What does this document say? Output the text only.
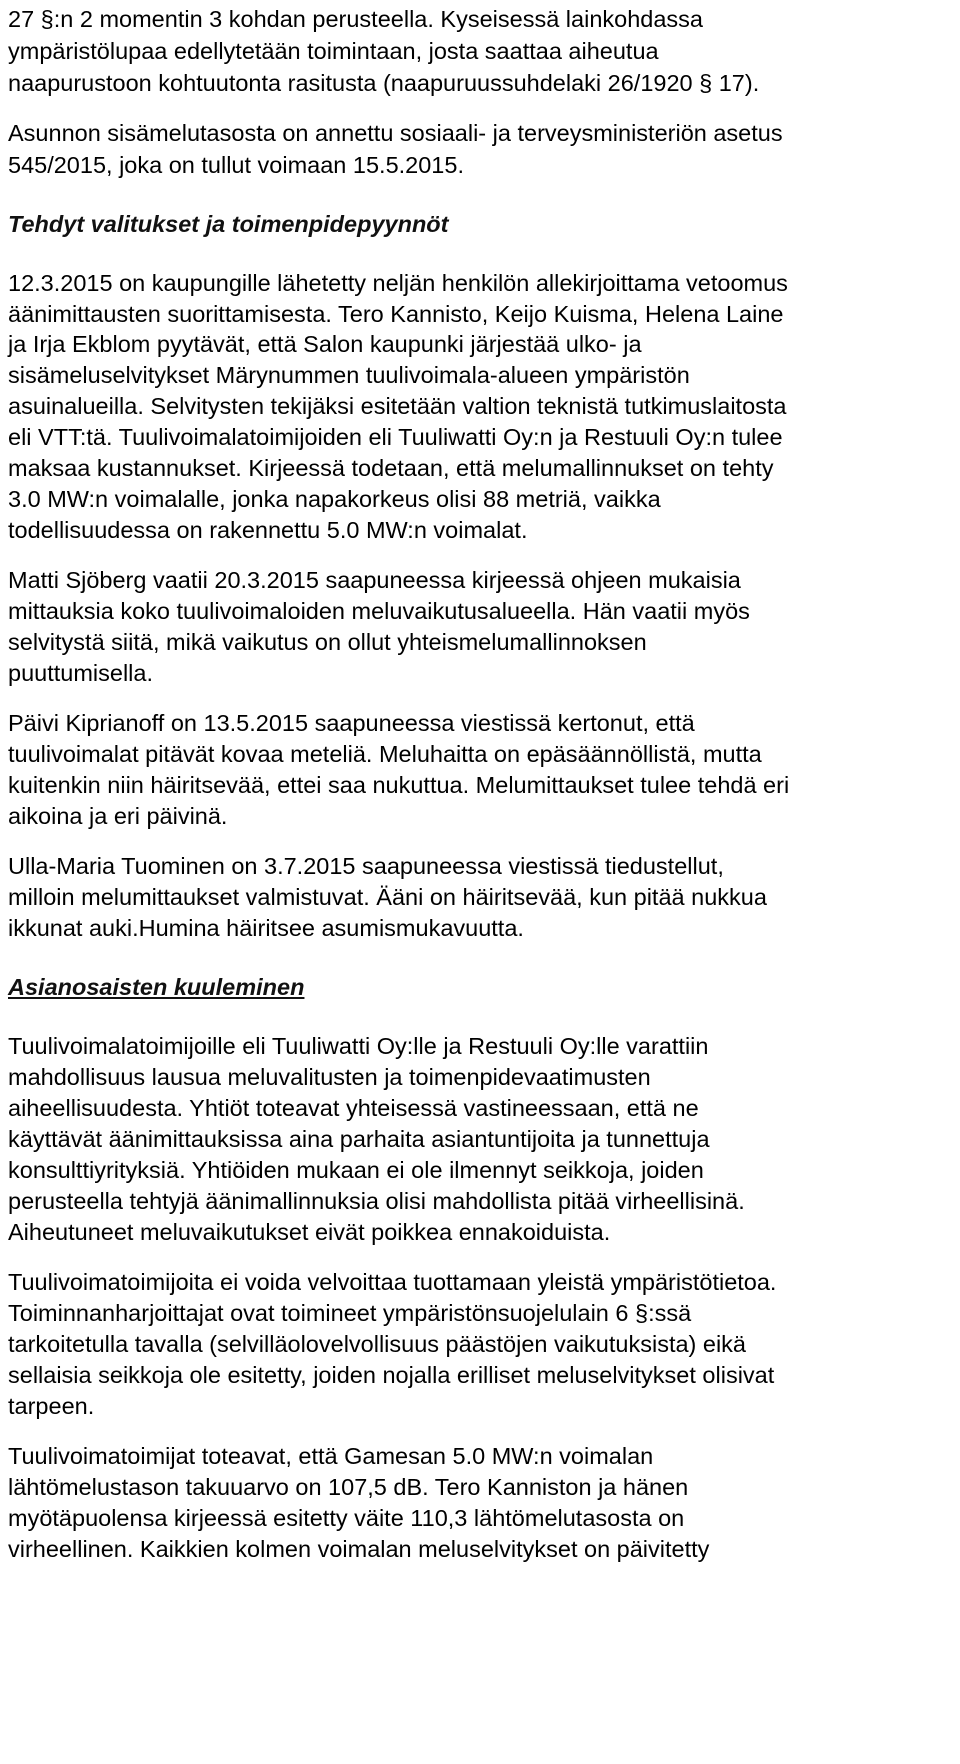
27 §:n 2 momentin 3 kohdan perusteella. Kyseisessä lainkohdassa
ympäristölupaa edellytetään toimintaan, josta saattaa aiheutua
naapurustoon kohtuutonta rasitusta (naapuruussuhdelaki 26/1920 § 17).
Asunnon sisämelutasosta on annettu sosiaali- ja terveysministeriön asetus
545/2015, joka on tullut voimaan 15.5.2015.
Tehdyt valitukset ja toimenpidepyynnöt
12.3.2015 on kaupungille lähetetty neljän henkilön allekirjoittama vetoomus
äänimittausten suorittamisesta. Tero Kannisto, Keijo Kuisma, Helena Laine
ja Irja Ekblom pyytävät, että Salon kaupunki järjestää ulko- ja
sisämeluselvitykset Märynummen tuulivoimala-alueen ympäristön
asuinalueilla. Selvitysten tekijäksi esitetään valtion teknistä tutkimuslaitosta
eli VTT:tä. Tuulivoimalatoimijoiden eli Tuuliwatti Oy:n ja Restuuli Oy:n tulee
maksaa kustannukset. Kirjeessä todetaan, että melumallinnukset on tehty
3.0 MW:n voimalalle, jonka napakorkeus olisi 88 metriä, vaikka
todellisuudessa on rakennettu 5.0 MW:n voimalat.
Matti Sjöberg vaatii 20.3.2015 saapuneessa kirjeessä ohjeen mukaisia
mittauksia koko tuulivoimaloiden meluvaikutusalueella. Hän vaatii myös
selvitystä siitä, mikä vaikutus on ollut yhteismelumallinnoksen
puuttumisella.
Päivi Kiprianoff on 13.5.2015 saapuneessa viestissä kertonut, että
tuulivoimalat pitävät kovaa meteliä. Meluhaitta on epäsäännöllistä, mutta
kuitenkin niin häiritsevää, ettei saa nukuttua. Melumittaukset tulee tehdä eri
aikoina ja eri päivinä.
Ulla-Maria Tuominen on 3.7.2015 saapuneessa viestissä tiedustellut,
milloin melumittaukset valmistuvat. Ääni on häiritsevää, kun pitää nukkua
ikkunat auki.Humina häiritsee asumismukavuutta.
Asianosaisten kuuleminen
Tuulivoimalatoimijoille eli Tuuliwatti Oy:lle ja Restuuli Oy:lle varattiin
mahdollisuus lausua meluvalitusten ja toimenpidevaatimusten
aiheellisuudesta. Yhtiöt toteavat yhteisessä vastineessaan, että ne
käyttävät äänimittauksissa aina parhaita asiantuntijoita ja tunnettuja
konsulttiyrityksiä. Yhtiöiden mukaan ei ole ilmennyt seikkoja, joiden
perusteella tehtyjä äänimallinnuksia olisi mahdollista pitää virheellisinä.
Aiheutuneet meluvaikutukset eivät poikkea ennakoiduista.
Tuulivoimatoimijoita ei voida velvoittaa tuottamaan yleistä ympäristötietoa.
Toiminnanharjoittajat ovat toimineet ympäristönsuojelulain 6 §:ssä
tarkoitetulla tavalla (selvilläolovelvollisuus päästöjen vaikutuksista) eikä
sellaisia seikkoja ole esitetty, joiden nojalla erilliset meluselvitykset olisivat
tarpeen.
Tuulivoimatoimijat toteavat, että Gamesan 5.0 MW:n voimalan
lähtömelustason takuuarvo on 107,5 dB. Tero Kanniston ja hänen
myötäpuolensa kirjeessä esitetty väite 110,3 lähtömelutasosta on
virheellinen. Kaikkien kolmen voimalan meluselvitykset on päivitetty
